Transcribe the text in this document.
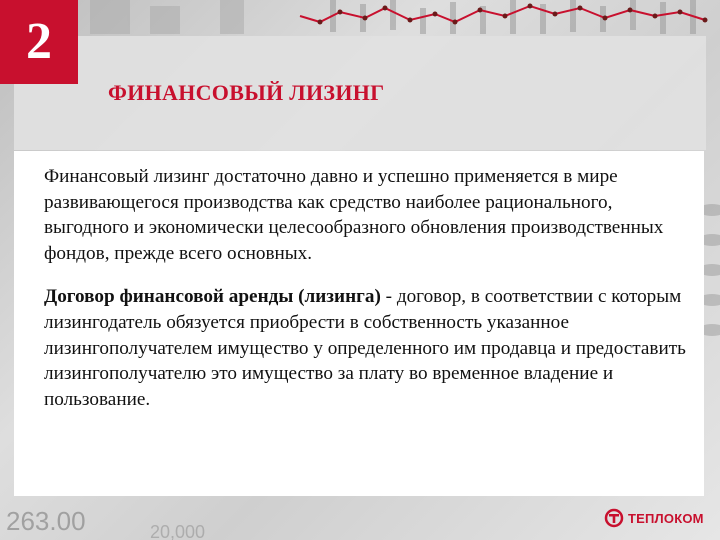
263.00	20,000
2
ФИНАНСОВЫЙ ЛИЗИНГ

Финансовый лизинг достаточно давно и успешно применяется в мире развивающегося производства как средство наиболее рационального, выгодного и экономически целесообразного обновления производственных фондов, прежде всего основных.

Договор финансовой аренды (лизинга) - договор, в соответствии с которым лизингодатель обязуется приобрести в собственность указанное лизингополучателем имущество у определенного им продавца и предоставить лизингополучателю это имущество за плату во временное владение и пользование.

ТЕПЛОКОМ
